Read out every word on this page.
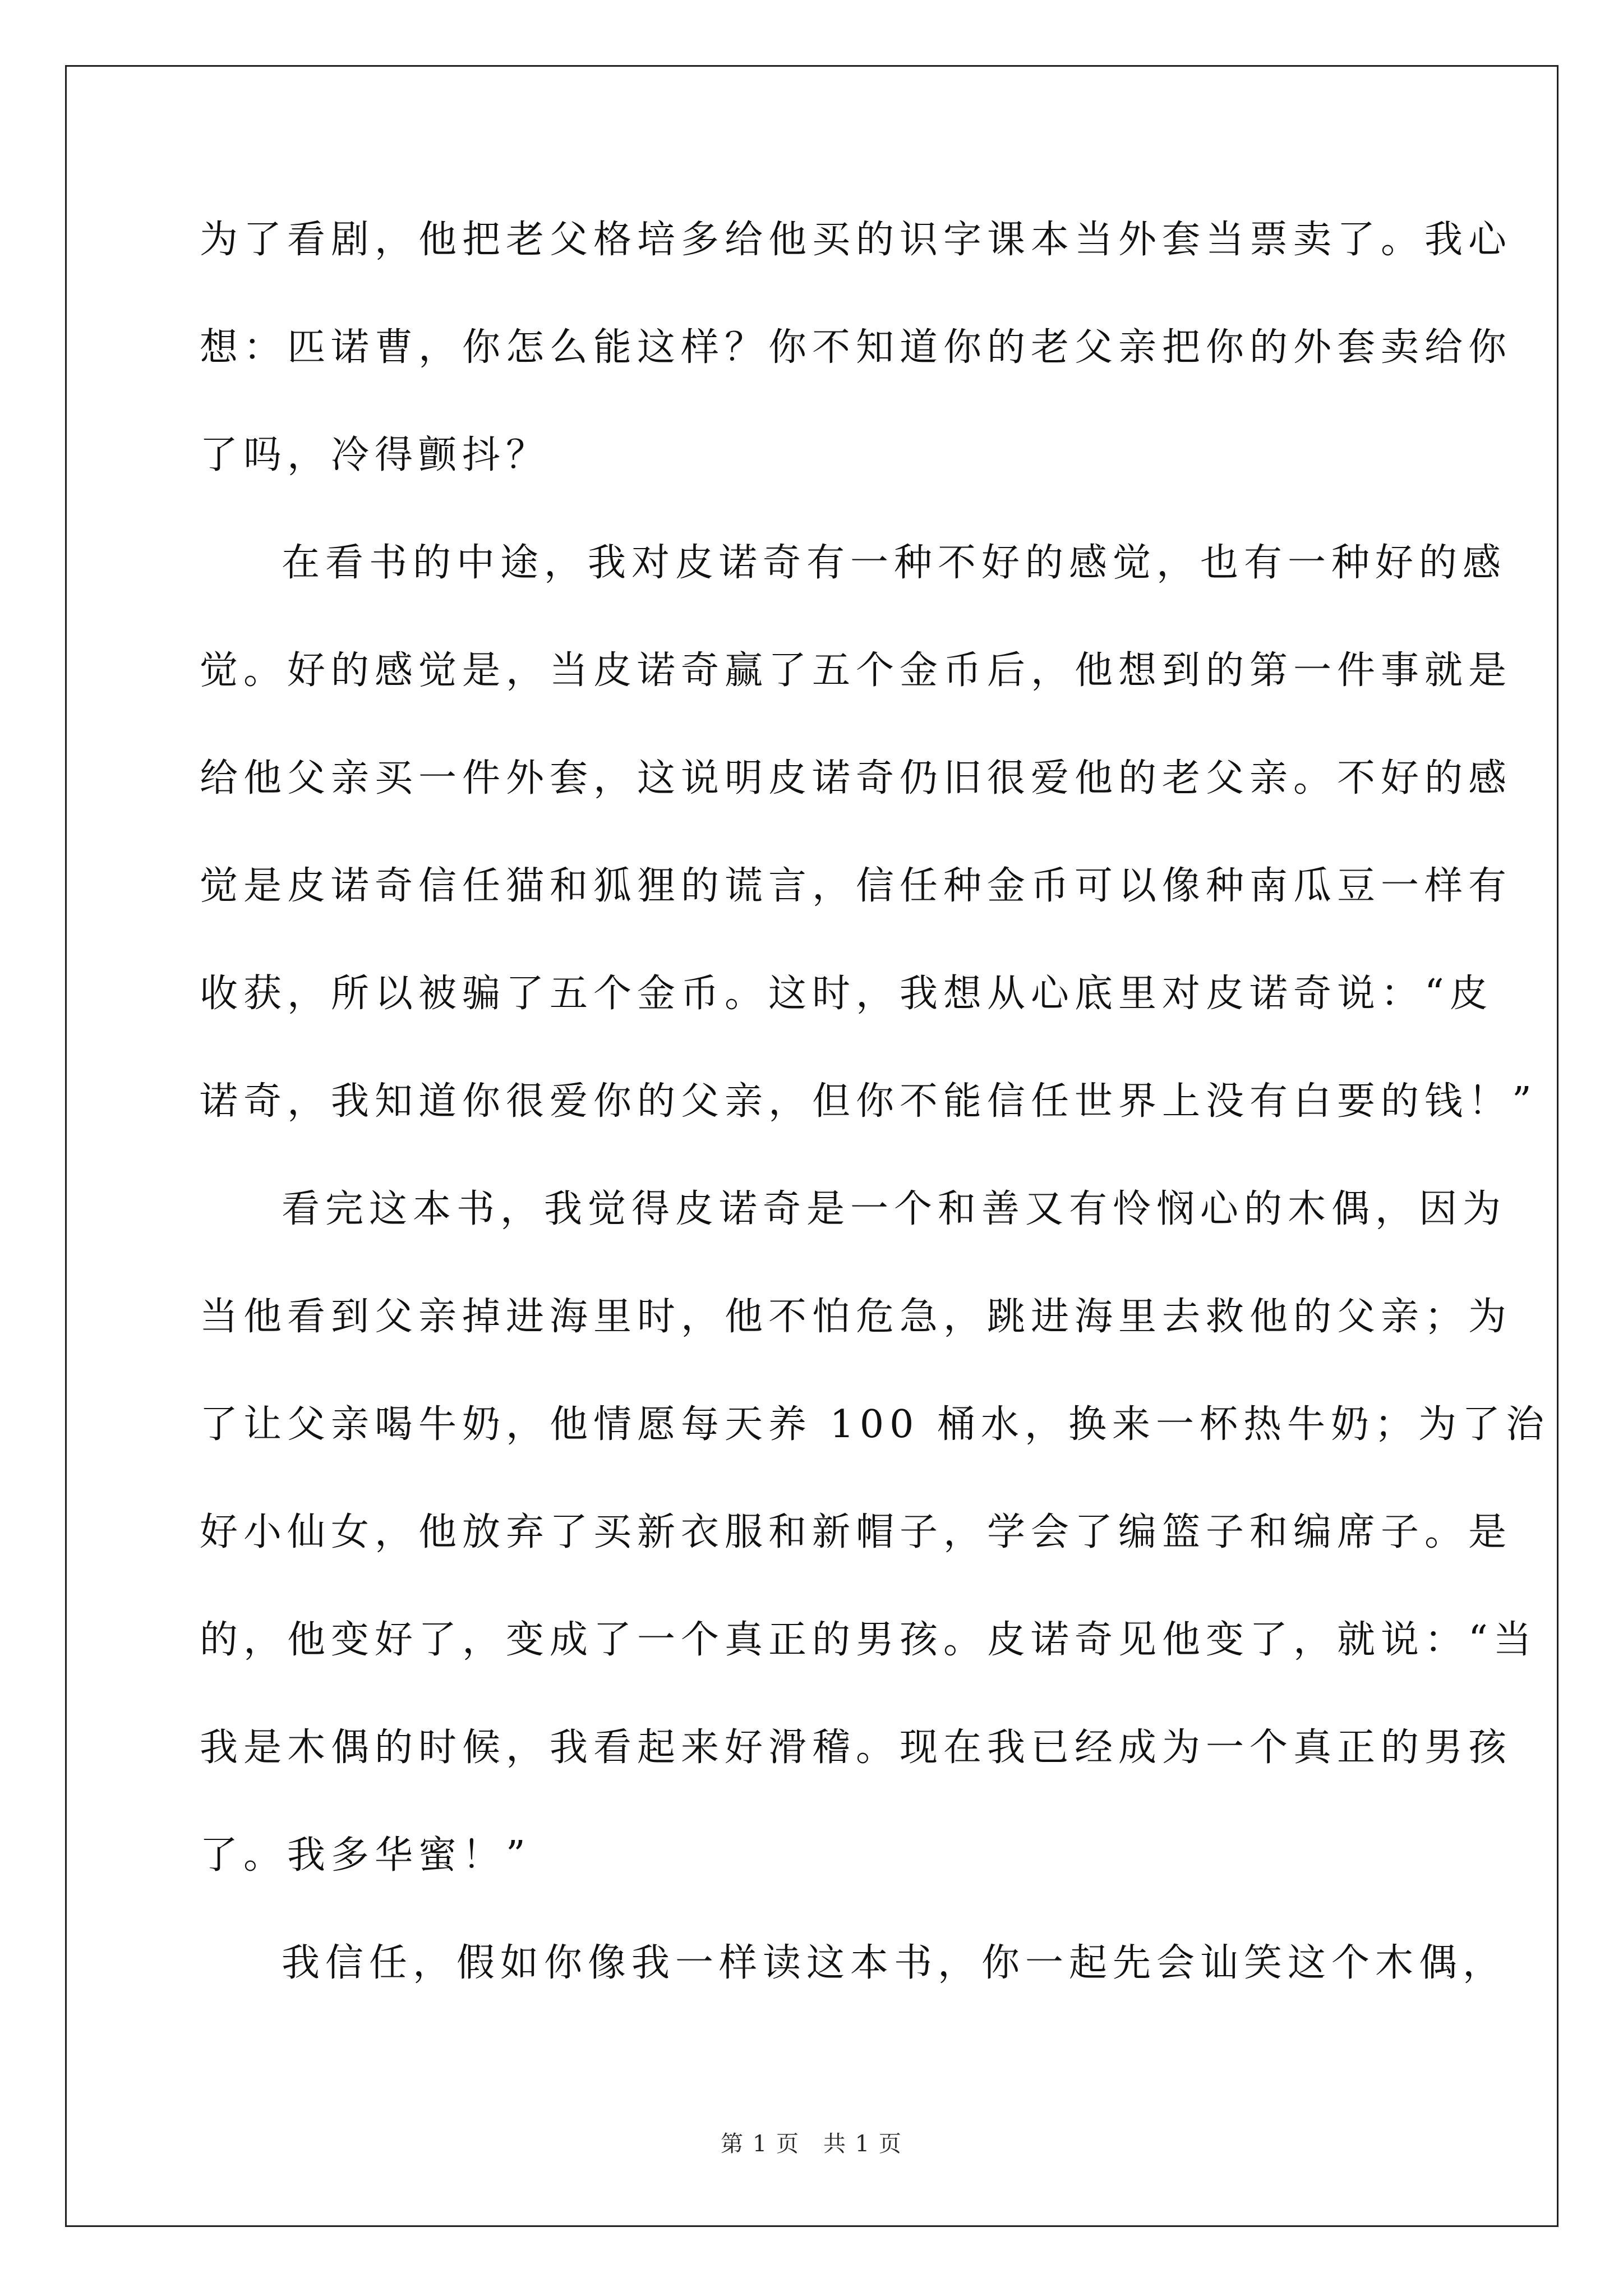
为了看剧，他把老父格培多给他买的识字课本当外套当票卖了。我心
想：匹诺曹，你怎么能这样？你不知道你的老父亲把你的外套卖给你
了吗，冷得颤抖？
在看书的中途，我对皮诺奇有一种不好的感觉，也有一种好的感
觉。好的感觉是，当皮诺奇赢了五个金币后，他想到的第一件事就是
给他父亲买一件外套，这说明皮诺奇仍旧很爱他的老父亲。不好的感
觉是皮诺奇信任猫和狐狸的谎言，信任种金币可以像种南瓜豆一样有
收获，所以被骗了五个金币。这时，我想从心底里对皮诺奇说：“皮
诺奇，我知道你很爱你的父亲，但你不能信任世界上没有白要的钱！”
看完这本书，我觉得皮诺奇是一个和善又有怜悯心的木偶，因为
当他看到父亲掉进海里时，他不怕危急，跳进海里去救他的父亲；为
了让父亲喝牛奶，他情愿每天养 100 桶水，换来一杯热牛奶；为了治
好小仙女，他放弃了买新衣服和新帽子，学会了编篮子和编席子。是
的，他变好了，变成了一个真正的男孩。皮诺奇见他变了，就说：“当
我是木偶的时候，我看起来好滑稽。现在我已经成为一个真正的男孩
了。我多华蜜！”
我信任，假如你像我一样读这本书，你一起先会讪笑这个木偶，
第 1 页　共 1 页
